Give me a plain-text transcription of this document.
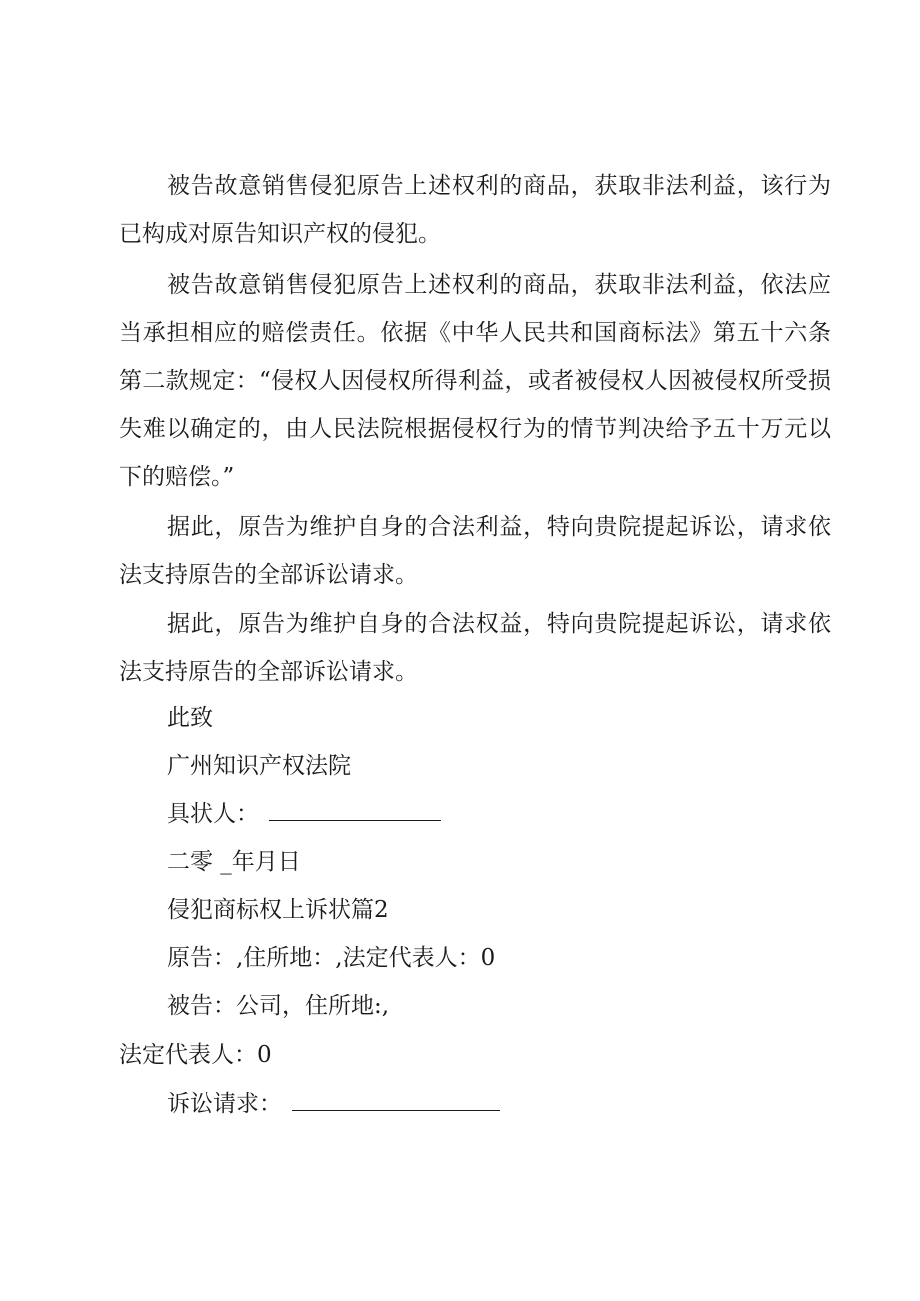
被告故意销售侵犯原告上述权利的商品，获取非法利益，该行为已构成对原告知识产权的侵犯。

被告故意销售侵犯原告上述权利的商品，获取非法利益，依法应当承担相应的赔偿责任。依据《中华人民共和国商标法》第五十六条第二款规定：“侵权人因侵权所得利益，或者被侵权人因被侵权所受损失难以确定的，由人民法院根据侵权行为的情节判决给予五十万元以下的赔偿。”

据此，原告为维护自身的合法利益，特向贵院提起诉讼，请求依法支持原告的全部诉讼请求。

据此，原告为维护自身的合法权益，特向贵院提起诉讼，请求依法支持原告的全部诉讼请求。

此致

广州知识产权法院

具状人：

二零 _年月日

侵犯商标权上诉状篇2

原告：,住所地：,法定代表人：0

被告：公司，住所地:,

法定代表人：0

诉讼请求：
